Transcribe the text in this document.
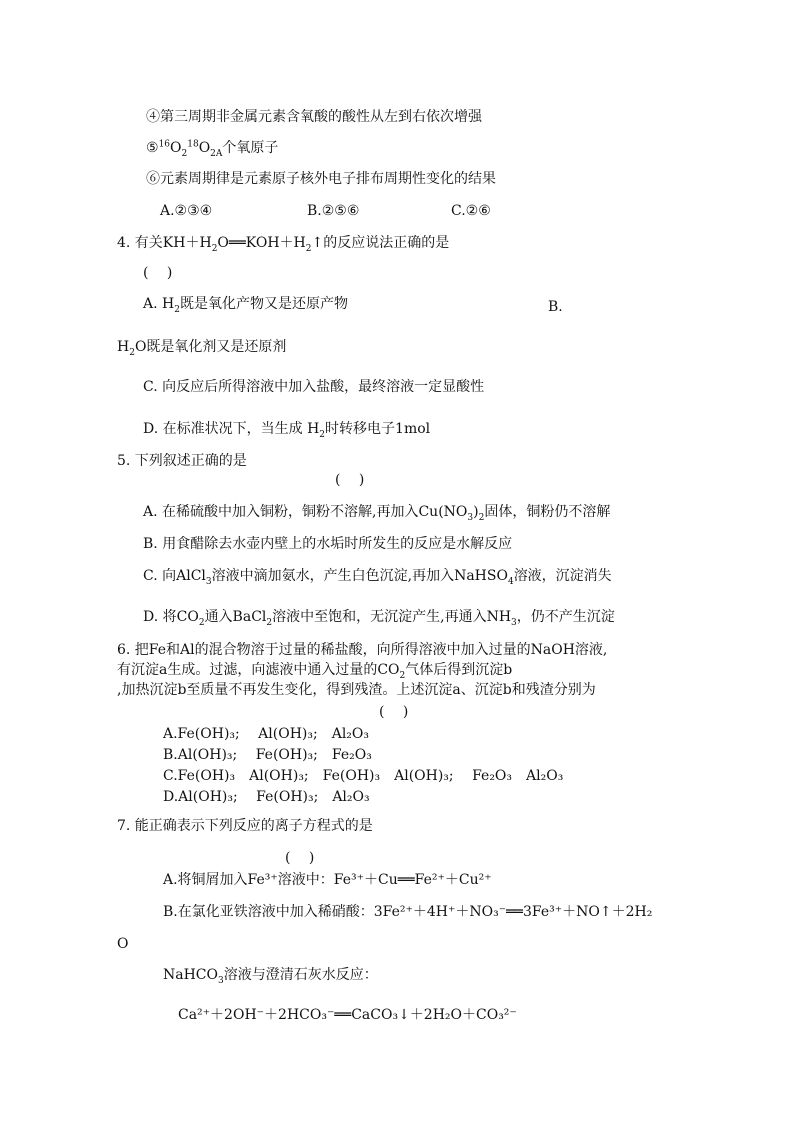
④第三周期非金属元素含氧酸的酸性从左到右依次增强
$⑤^{16}O_2^{18}O_{2A}$个氧原子
⑥元素周期律是元素原子核外电子排布周期性变化的结果
A.②③④	B.②⑤⑥	C.②⑥
4. 有关$KH+H_2O══KOH+H_2↑$的反应说法正确的是
(　 )
A. $H_2$既是氧化产物又是还原产物	B.
$H_2O$既是氧化剂又是还原剂
C. 向反应后所得溶液中加入盐酸，最终溶液一定显酸性
D. 在标准状况下，当生成 $H_2$时转移电子1mol
5. 下列叙述正确的是
(　 )
A. 在稀硫酸中加入铜粉，铜粉不溶解,再加入$Cu(NO_3)_2$固体，铜粉仍不溶解
B. 用食醋除去水壶内壁上的水垢时所发生的反应是水解反应
C. 向AlCl$_3$溶液中滴加氨水，产生白色沉淀,再加入NaHSO$_4$溶液，沉淀消失
D. 将$CO_2$通入BaCl$_2$溶液中至饱和，无沉淀产生,再通入$NH_3$，仍不产生沉淀
6. 把Fe和Al的混合物溶于过量的稀盐酸，向所得溶液中加入过量的NaOH溶液,
有沉淀a生成。过滤，向滤液中通入过量的$CO_2$气体后得到沉淀b
,加热沉淀b至质量不再发生变化，得到残渣。上述沉淀a、沉淀b和残渣分别为
(　 )
A.Fe(OH)₃;　 Al(OH)₃;　Al₂O₃
B.Al(OH)₃;　 Fe(OH)₃;　Fe₂O₃
C.Fe(OH)₃　Al(OH)₃;　Fe(OH)₃　Al(OH)₃;　 Fe₂O₃　Al₂O₃
D.Al(OH)₃;　 Fe(OH)₃;　Al₂O₃
7. 能正确表示下列反应的离子方程式的是
(　 )
A.将铜屑加入Fe³⁺溶液中：Fe³⁺＋Cu══Fe²⁺＋Cu²⁺
B.在氯化亚铁溶液中加入稀硝酸：3Fe²⁺＋4H⁺＋NO₃⁻══3Fe³⁺＋NO↑＋2H₂
O
NaHCO$_3$溶液与澄清石灰水反应：
Ca²⁺＋2OH⁻＋2HCO₃⁻══CaCO₃↓＋2H₂O＋CO₃²⁻
